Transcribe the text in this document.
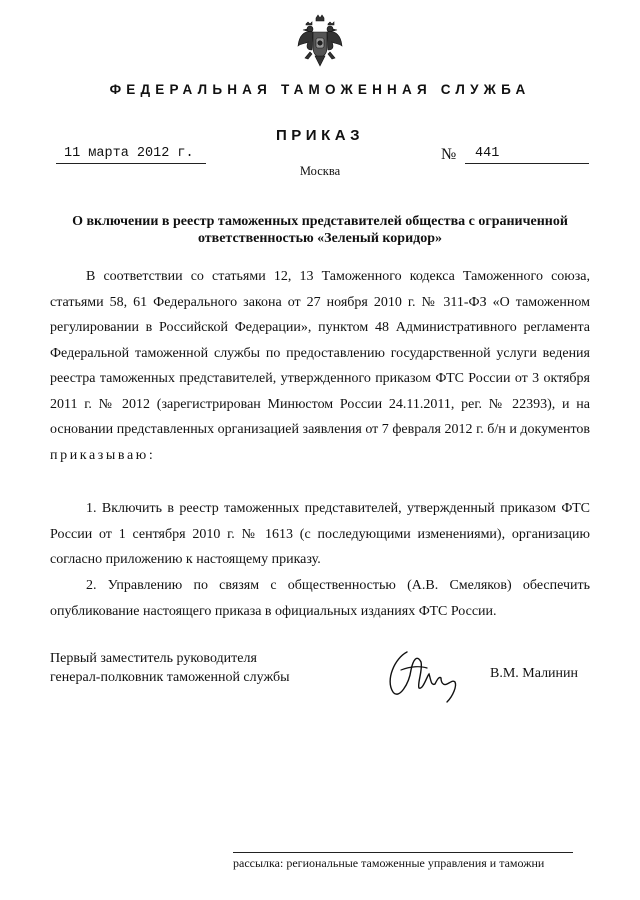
ФЕДЕРАЛЬНАЯ ТАМОЖЕННАЯ СЛУЖБА
ПРИКАЗ
11 марта 2012 г.	№ 441
Москва
О включении в реестр таможенных представителей общества с ограниченной
ответственностью «Зеленый коридор»
В соответствии со статьями 12, 13 Таможенного кодекса Таможенного союза, статьями 58, 61 Федерального закона от 27 ноября 2010 г. № 311-ФЗ «О таможенном регулировании в Российской Федерации», пунктом 48 Административного регламента Федеральной таможенной службы по предоставлению государственной услуги ведения реестра таможенных представителей, утвержденного приказом ФТС России от 3 октября 2011 г. № 2012 (зарегистрирован Минюстом России 24.11.2011, рег. № 22393), и на основании представленных организацией заявления от 7 февраля 2012 г. б/н и документов приказываю:
1. Включить в реестр таможенных представителей, утвержденный приказом ФТС России от 1 сентября 2010 г. № 1613 (с последующими изменениями), организацию согласно приложению к настоящему приказу.
2. Управлению по связям с общественностью (А.В. Смеляков) обеспечить опубликование настоящего приказа в официальных изданиях ФТС России.
Первый заместитель руководителя
генерал-полковник таможенной службы	В.М. Малинин
рассылка: региональные таможенные управления и таможни
